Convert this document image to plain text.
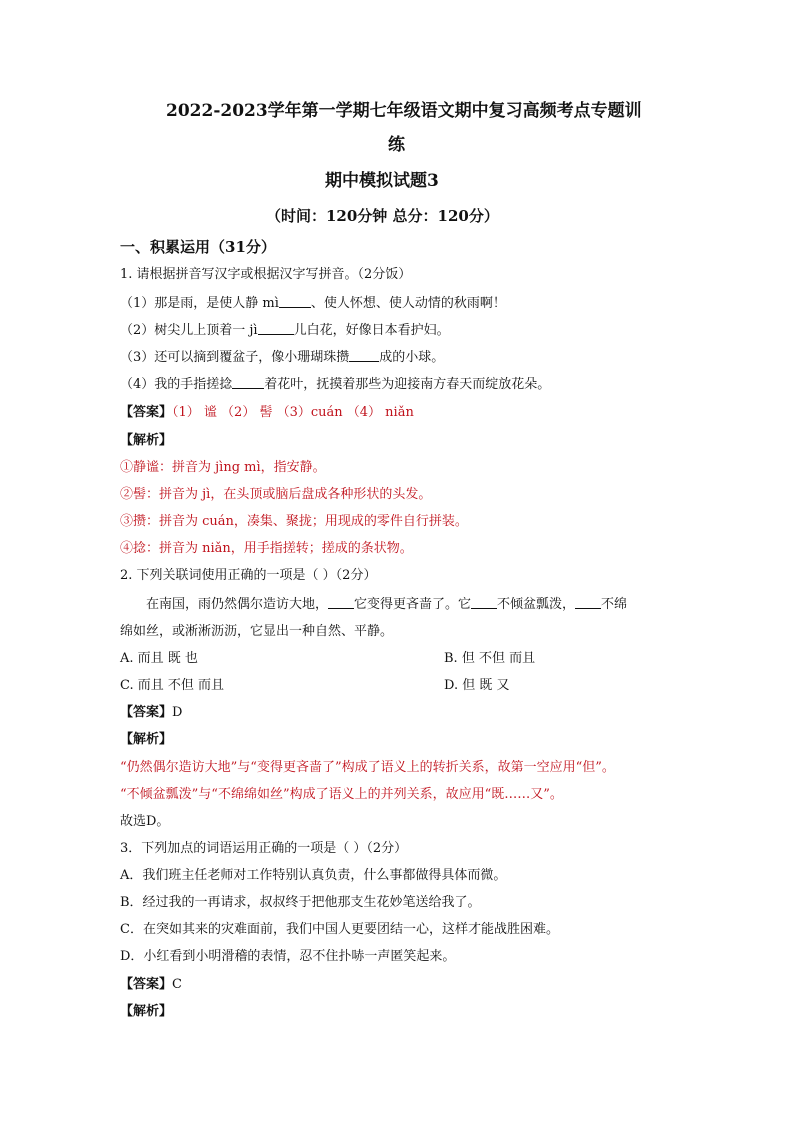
2022-2023学年第一学期七年级语文期中复习高频考点专题训
练
期中模拟试题3
（时间：120分钟 总分：120分）
一、积累运用（31分）
1. 请根据拼音写汉字或根据汉字写拼音。（2分饭）
（1）那是雨，是使人静 mì 、使人怀想、使人动情的秋雨啊！
（2）树尖儿上顶着一 jì	儿白花，好像日本看护妇。
（3）还可以摘到覆盆子，像小珊瑚珠攒 成的小球。
（4）我的手指搓捻 着花叶，抚摸着那些为迎接南方春天而绽放花朵。
【答案】（1） 谧 （2） 髻 （3）cuán （4） niǎn
【解析】
①静谧：拼音为 jìng mì，指安静。
②髻：拼音为 jì，在头顶或脑后盘成各种形状的头发。
③攒：拼音为 cuán，凑集、聚拢；用现成的零件自行拼装。
④捻：拼音为 niǎn，用手指搓转；搓成的条状物。
2. 下列关联词使用正确的一项是（ ）（2分）
在南国，雨仍然偶尔造访大地， 它变得更吝啬了。它 不倾盆瓢泼， 不绵
绵如丝，或淅淅沥沥，它显出一种自然、平静。
A. 而且 既 也	B. 但 不但 而且
C. 而且 不但 而且	D. 但 既 又
【答案】D
【解析】
“仍然偶尔造访大地”与“变得更吝啬了”构成了语义上的转折关系，故第一空应用“但”。
“不倾盆瓢泼”与“不绵绵如丝”构成了语义上的并列关系，故应用“既……又”。
故选D。
3．下列加点的词语运用正确的一项是（ ）（2分）
A．我们班主任老师对工作特别认真负责，什么事都做得具体而微。
B．经过我的一再请求，叔叔终于把他那支生花妙笔送给我了。
C．在突如其来的灾难面前，我们中国人更要团结一心，这样才能战胜困难。
D．小红看到小明滑稽的表情，忍不住扑哧一声匿笑起来。
【答案】C
【解析】
